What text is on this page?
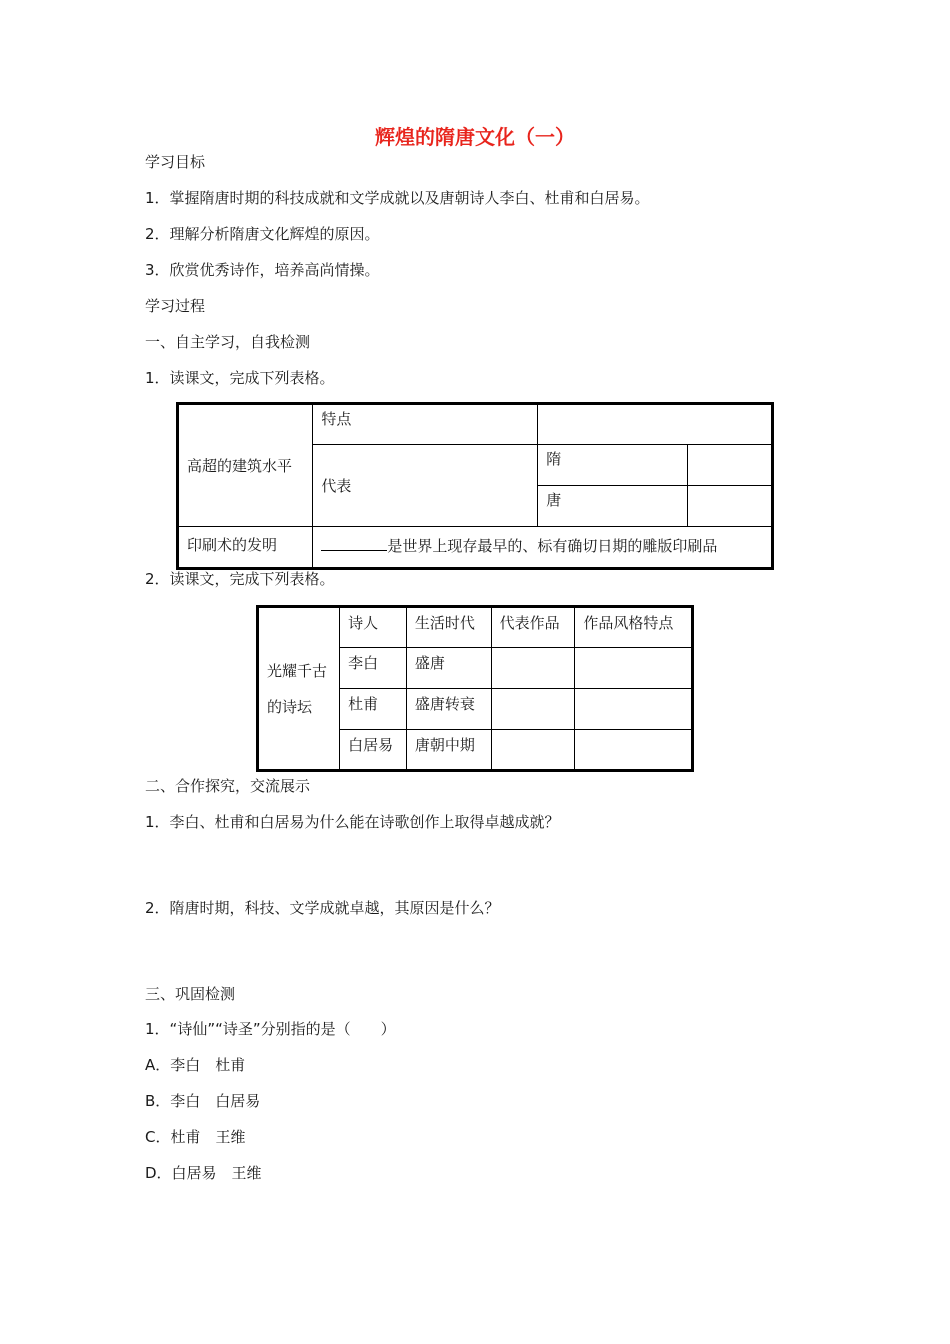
辉煌的隋唐文化（一）
学习目标
1．掌握隋唐时期的科技成就和文学成就以及唐朝诗人李白、杜甫和白居易。
2．理解分析隋唐文化辉煌的原因。
3．欣赏优秀诗作，培养高尚情操。
学习过程
一、自主学习，自我检测
1．读课文，完成下列表格。
高超的建筑水平	特点		
	代表	隋	
		唐	
印刷术的发明	是世界上现存最早的、标有确切日期的雕版印刷品		
2．读课文，完成下列表格。
光耀千古的诗坛	诗人	生活时代	代表作品	作品风格特点
	李白	盛唐		
	杜甫	盛唐转衰		
	白居易	唐朝中期		
二、合作探究，交流展示
1．李白、杜甫和白居易为什么能在诗歌创作上取得卓越成就？
2．隋唐时期，科技、文学成就卓越，其原因是什么？
三、巩固检测
1．“诗仙”“诗圣”分别指的是（　　）
A．李白　杜甫
B．李白　白居易
C．杜甫　王维
D．白居易　王维
